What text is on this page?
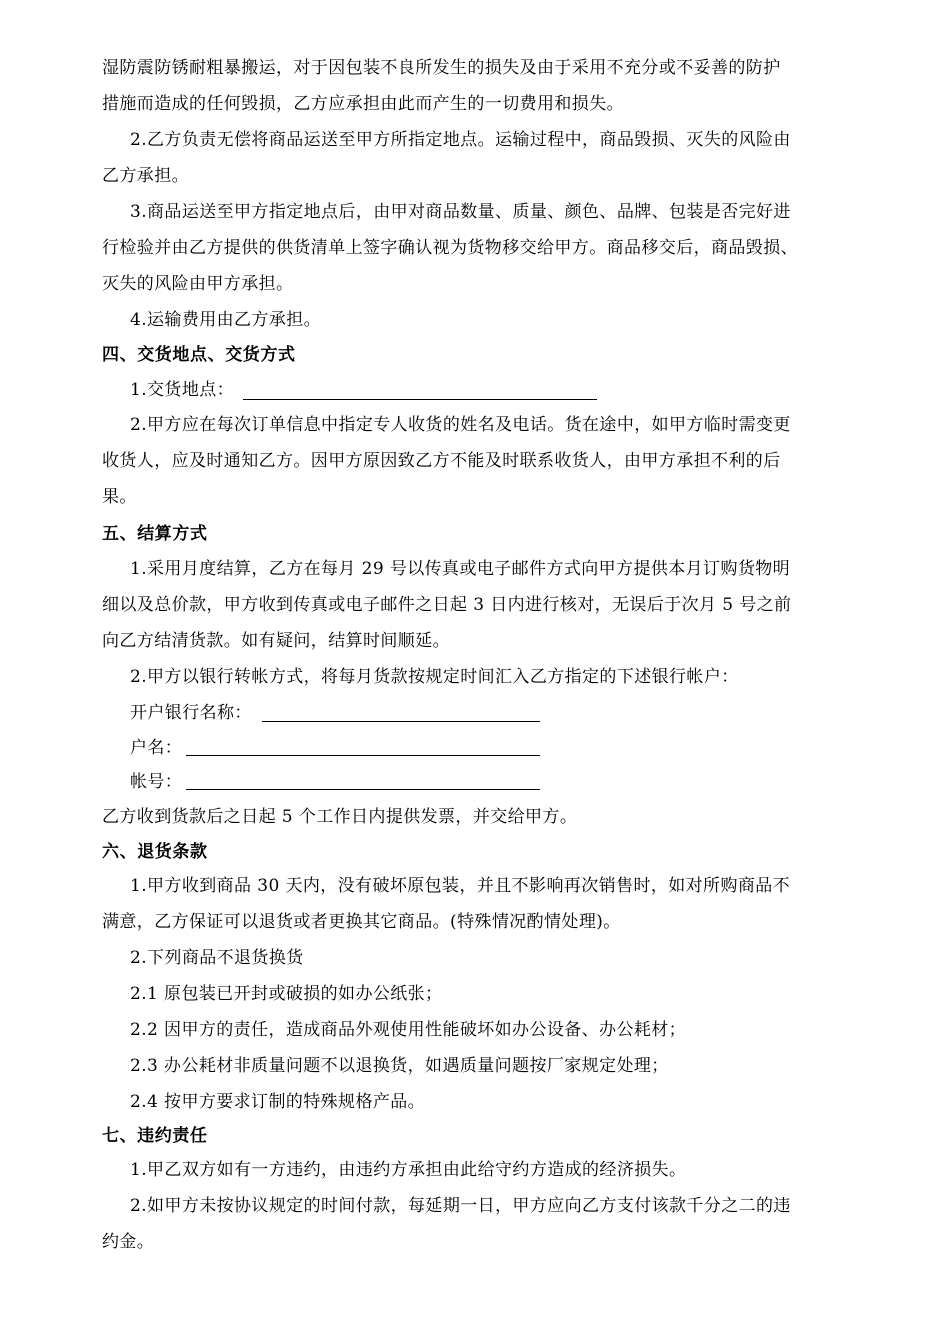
湿防震防锈耐粗暴搬运，对于因包装不良所发生的损失及由于采用不充分或不妥善的防护
措施而造成的任何毁损，乙方应承担由此而产生的一切费用和损失。
2.乙方负责无偿将商品运送至甲方所指定地点。运输过程中，商品毁损、灭失的风险由
乙方承担。
3.商品运送至甲方指定地点后，由甲对商品数量、质量、颜色、品牌、包装是否完好进
行检验并由乙方提供的供货清单上签字确认视为货物移交给甲方。商品移交后，商品毁损、
灭失的风险由甲方承担。
4.运输费用由乙方承担。
四、交货地点、交货方式
1.交货地点：
2.甲方应在每次订单信息中指定专人收货的姓名及电话。货在途中，如甲方临时需变更
收货人，应及时通知乙方。因甲方原因致乙方不能及时联系收货人，由甲方承担不利的后
果。
五、结算方式
1.采用月度结算，乙方在每月 29 号以传真或电子邮件方式向甲方提供本月订购货物明
细以及总价款，甲方收到传真或电子邮件之日起 3 日内进行核对，无误后于次月 5 号之前
向乙方结清货款。如有疑问，结算时间顺延。
2.甲方以银行转帐方式，将每月货款按规定时间汇入乙方指定的下述银行帐户：
开户银行名称：
户名：
帐号：
乙方收到货款后之日起 5 个工作日内提供发票，并交给甲方。
六、退货条款
1.甲方收到商品 30 天内，没有破坏原包装，并且不影响再次销售时，如对所购商品不
满意，乙方保证可以退货或者更换其它商品。(特殊情况酌情处理)。
2.下列商品不退货换货
2.1 原包装已开封或破损的如办公纸张；
2.2 因甲方的责任，造成商品外观使用性能破坏如办公设备、办公耗材；
2.3 办公耗材非质量问题不以退换货，如遇质量问题按厂家规定处理；
2.4 按甲方要求订制的特殊规格产品。
七、违约责任
1.甲乙双方如有一方违约，由违约方承担由此给守约方造成的经济损失。
2.如甲方未按协议规定的时间付款，每延期一日，甲方应向乙方支付该款千分之二的违
约金。
